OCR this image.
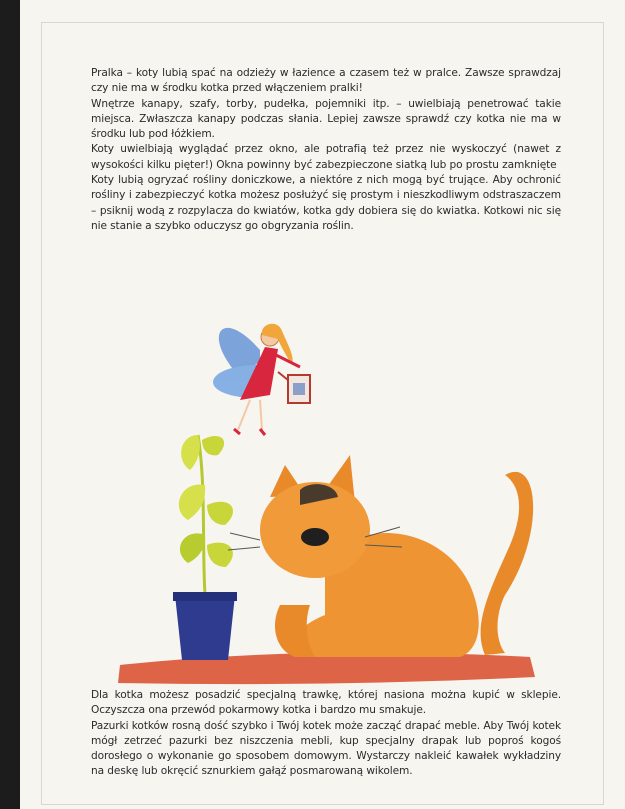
Pralka – koty lubią spać na odzieży w łazience a czasem też w pralce. Zawsze sprawdzaj czy nie ma w środku kotka przed włączeniem pralki!

Wnętrze kanapy, szafy, torby, pudełka, pojemniki itp. – uwielbiają penetrować takie miejsca. Zwłaszcza kanapy podczas słania. Lepiej zawsze sprawdź czy kotka nie ma w środku lub pod łóżkiem.

Koty uwielbiają wyglądać przez okno, ale potrafią też przez nie wyskoczyć (nawet z wysokości kilku pięter!) Okna powinny być zabezpieczone siatką lub po prostu zamknięte

Koty lubią ogryzać rośliny doniczkowe, a niektóre z nich mogą być trujące. Aby ochronić rośliny i zabezpieczyć kotka możesz posłużyć się prostym i nieszkodliwym odstraszaczem – psiknij wodą z rozpylacza do kwiatów, kotka gdy dobiera się do kwiatka. Kotkowi nic się nie stanie a szybko oduczysz go obgryzania roślin.

Dla kotka możesz posadzić specjalną trawkę, której nasiona można kupić w sklepie. Oczyszcza ona przewód pokarmowy kotka i bardzo mu smakuje.

Pazurki kotków rosną dość szybko i Twój kotek może zacząć drapać meble. Aby Twój kotek mógł zetrzeć pazurki bez niszczenia mebli, kup specjalny drapak lub poproś kogoś dorosłego o wykonanie go sposobem domowym. Wystarczy nakleić kawałek wykładziny na deskę lub okręcić sznurkiem gałąź posmarowaną wikolem.
